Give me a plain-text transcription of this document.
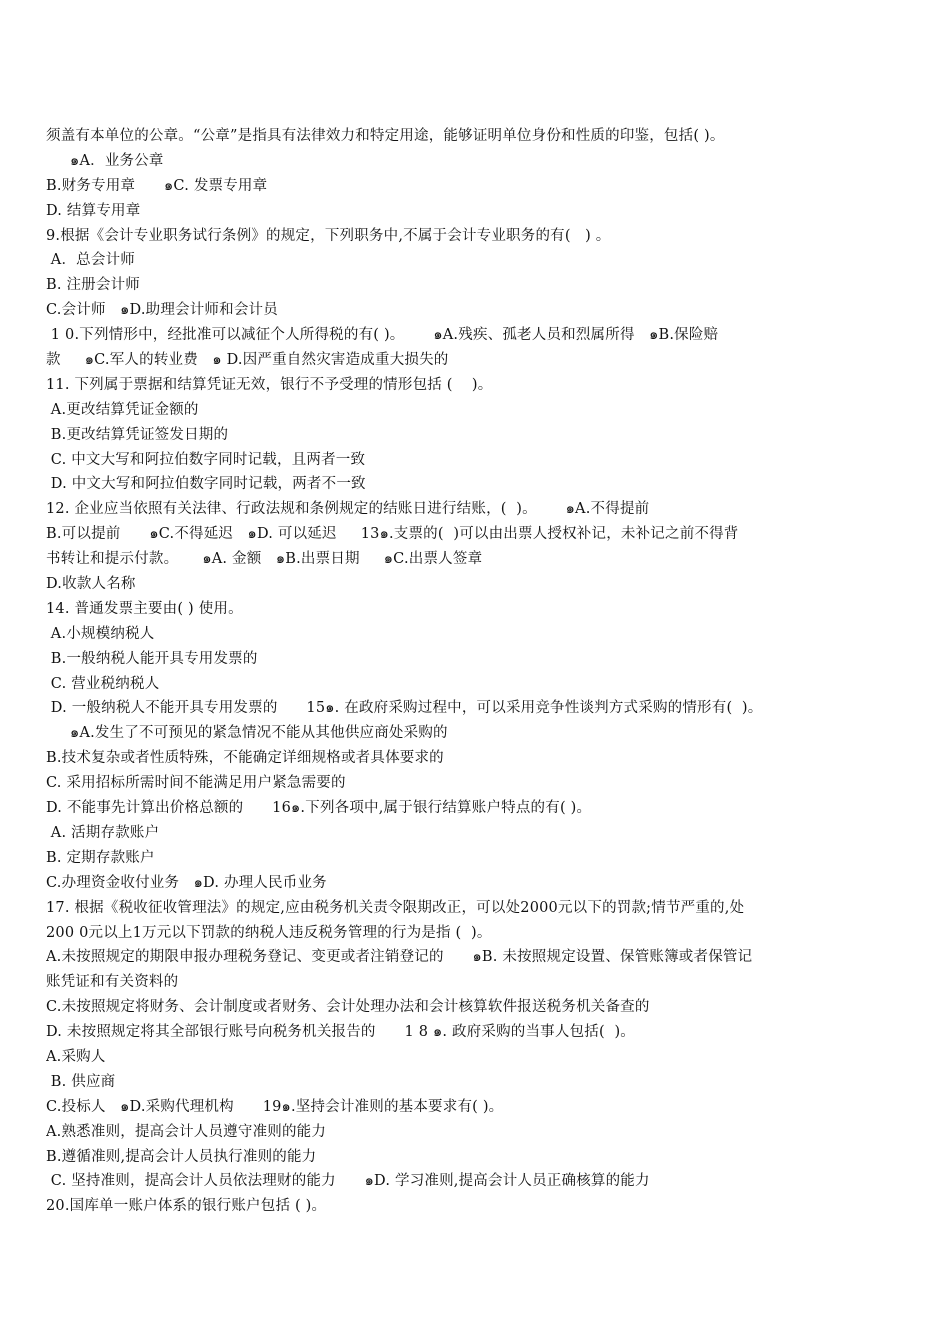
须盖有本单位的公章。“公章”是指具有法律效力和特定用途，能够证明单位身份和性质的印鉴，包括( )。
๑A．业务公章
B.财务专用章      ๑C. 发票专用章
D. 结算专用章
9.根据《会计专业职务试行条例》的规定，下列职务中,不属于会计专业职务的有(   ) 。
A．总会计师
B. 注册会计师
C.会计师   ๑D.助理会计师和会计员
1 0.下列情形中，经批准可以减征个人所得税的有( )。      ๑A.残疾、孤老人员和烈属所得   ๑B.保险赔
款     ๑C.军人的转业费   ๑ D.因严重自然灾害造成重大损失的
11. 下列属于票据和结算凭证无效，银行不予受理的情形包括 (    )。
A.更改结算凭证金额的
B.更改结算凭证签发日期的
C. 中文大写和阿拉伯数字同时记载，且两者一致
D. 中文大写和阿拉伯数字同时记载，两者不一致
12. 企业应当依照有关法律、行政法规和条例规定的结账日进行结账，(  )。      ๑A.不得提前
B.可以提前      ๑C.不得延迟   ๑D. 可以延迟     13๑.支票的(  )可以由出票人授权补记，未补记之前不得背
书转让和提示付款。     ๑A. 金额   ๑B.出票日期     ๑C.出票人签章
D.收款人名称
14. 普通发票主要由( ) 使用。
A.小规模纳税人
B.一般纳税人能开具专用发票的
C. 营业税纳税人
D. 一般纳税人不能开具专用发票的      15๑. 在政府采购过程中，可以采用竞争性谈判方式采购的情形有(  )。
๑A.发生了不可预见的紧急情况不能从其他供应商处采购的
B.技术复杂或者性质特殊，不能确定详细规格或者具体要求的
C. 采用招标所需时间不能满足用户紧急需要的
D. 不能事先计算出价格总额的      16๑.下列各项中,属于银行结算账户特点的有( )。
A. 活期存款账户
B. 定期存款账户
C.办理资金收付业务   ๑D. 办理人民币业务
17. 根据《税收征收管理法》的规定,应由税务机关责令限期改正，可以处2000元以下的罚款;情节严重的,处
200 0元以上1万元以下罚款的纳税人违反税务管理的行为是指 (  )。
A.未按照规定的期限申报办理税务登记、变更或者注销登记的      ๑B. 未按照规定设置、保管账簿或者保管记
账凭证和有关资料的
C.未按照规定将财务、会计制度或者财务、会计处理办法和会计核算软件报送税务机关备查的
D. 未按照规定将其全部银行账号向税务机关报告的      1 8 ๑. 政府采购的当事人包括(  )。
A.采购人
B. 供应商
C.投标人   ๑D.采购代理机构      19๑.坚持会计准则的基本要求有( )。
A.熟悉准则，提高会计人员遵守准则的能力
B.遵循准则,提高会计人员执行准则的能力
C. 坚持准则，提高会计人员依法理财的能力      ๑D. 学习准则,提高会计人员正确核算的能力
20.国库单一账户体系的银行账户包括 ( )。
